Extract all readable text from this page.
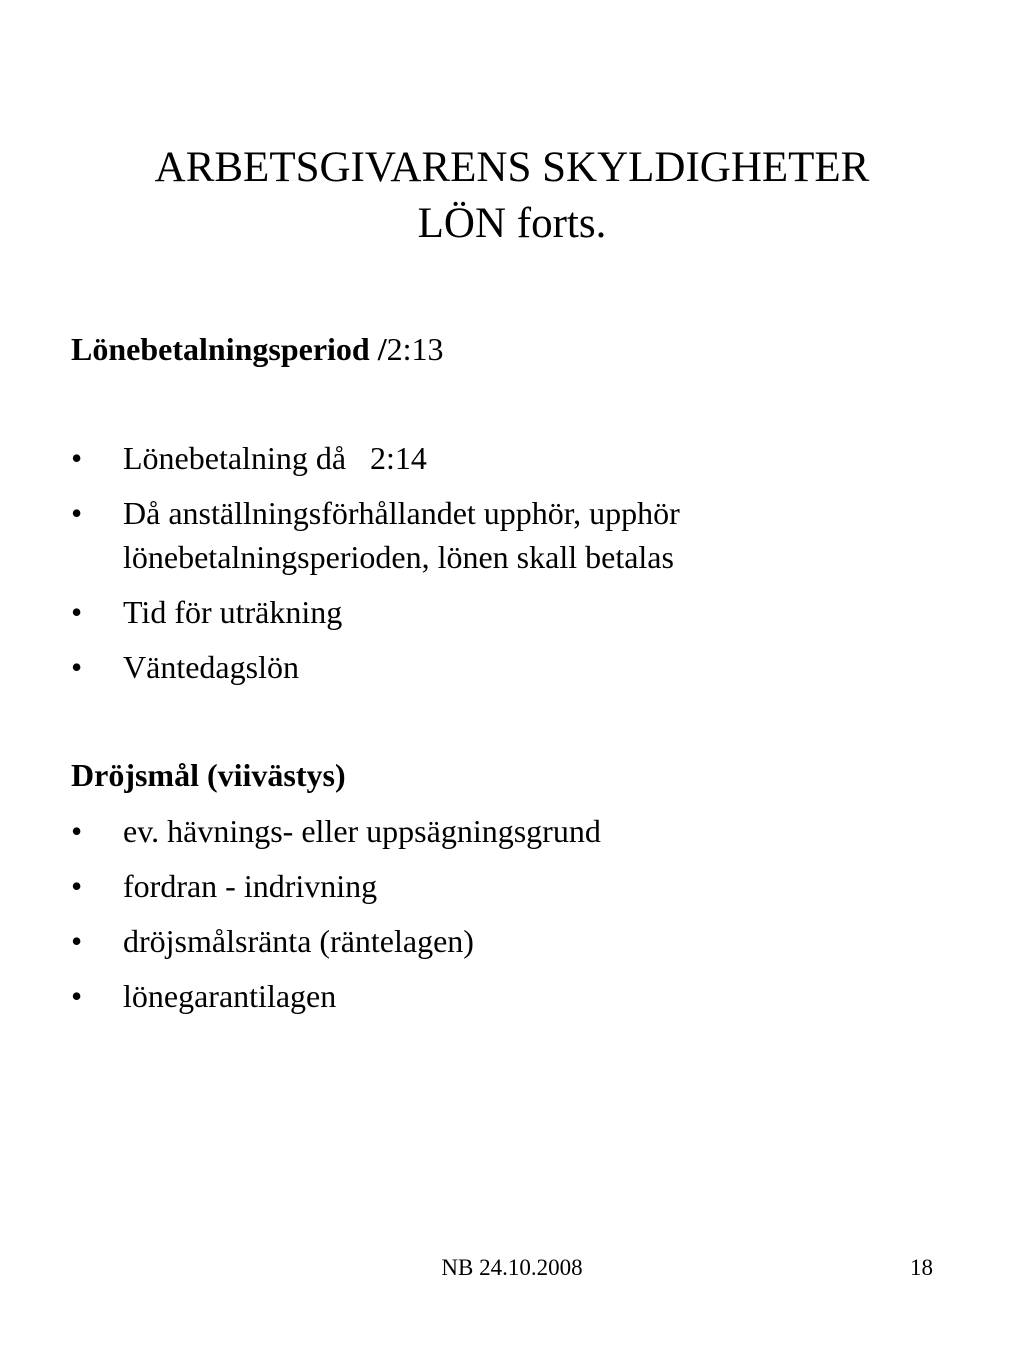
ARBETSGIVARENS SKYLDIGHETER
LÖN forts.
Lönebetalningsperiod /2:13
• Lönebetalning då   2:14
• Då anställningsförhållandet upphör, upphör
lönebetalningsperioden, lönen skall betalas
• Tid för uträkning
• Väntedagslön
Dröjsmål (viivästys)
• ev. hävnings- eller uppsägningsgrund
• fordran - indrivning
• dröjsmålsränta (räntelagen)
• lönegarantilagen
NB 24.10.2008	18
